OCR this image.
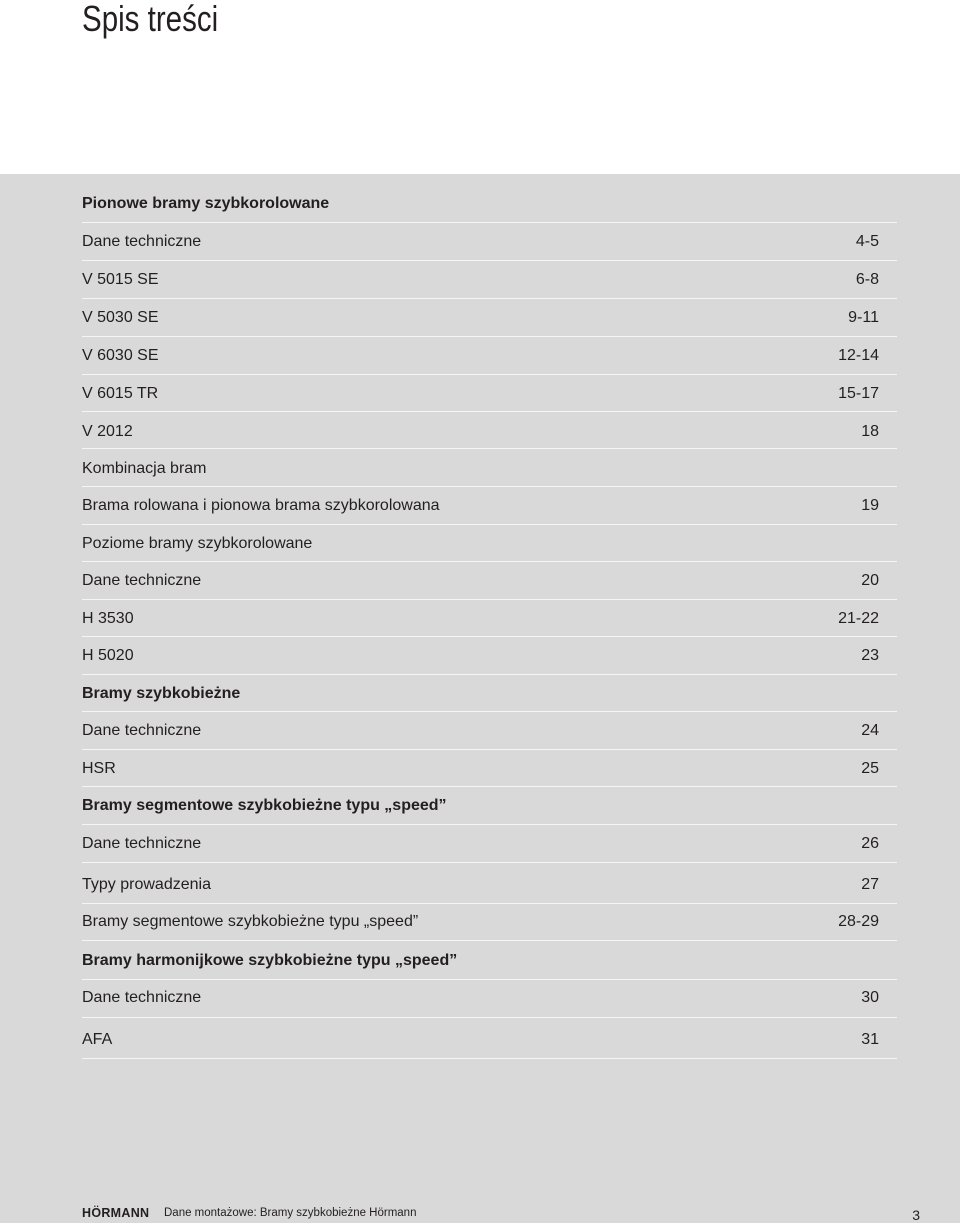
Spis treści
Pionowe bramy szybkorolowane
Dane techniczne	4-5
V 5015 SE	6-8
V 5030 SE	9-11
V 6030 SE	12-14
V 6015 TR	15-17
V 2012	18
Kombinacja bram
Brama rolowana i pionowa brama szybkorolowana	19
Poziome bramy szybkorolowane
Dane techniczne	20
H 3530	21-22
H 5020	23
Bramy szybkobieżne
Dane techniczne	24
HSR	25
Bramy segmentowe szybkobieżne typu „speed”
Dane techniczne	26
Typy prowadzenia	27
Bramy segmentowe szybkobieżne typu „speed”	28-29
Bramy harmonijkowe szybkobieżne typu „speed”
Dane techniczne	30
AFA	31
HÖRMANN Dane montażowe: Bramy szybkobieżne Hörmann	3
